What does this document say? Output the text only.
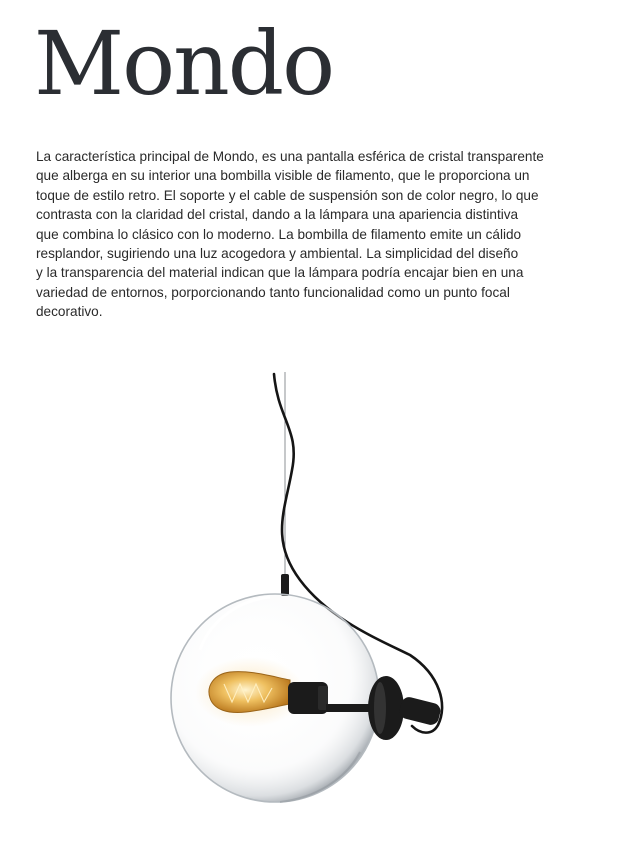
Mondo

La característica principal de Mondo, es una pantalla esférica de cristal transparente
que alberga en su interior una bombilla visible de filamento, que le proporciona un
toque de estilo retro. El soporte y el cable de suspensión son de color negro, lo que
contrasta con la claridad del cristal, dando a la lámpara una apariencia distintiva
que combina lo clásico con lo moderno. La bombilla de filamento emite un cálido
resplandor, sugiriendo una luz acogedora y ambiental. La simplicidad del diseño
y la transparencia del material indican que la lámpara podría encajar bien en una
variedad de entornos, porporcionando tanto funcionalidad como un punto focal
decorativo.
